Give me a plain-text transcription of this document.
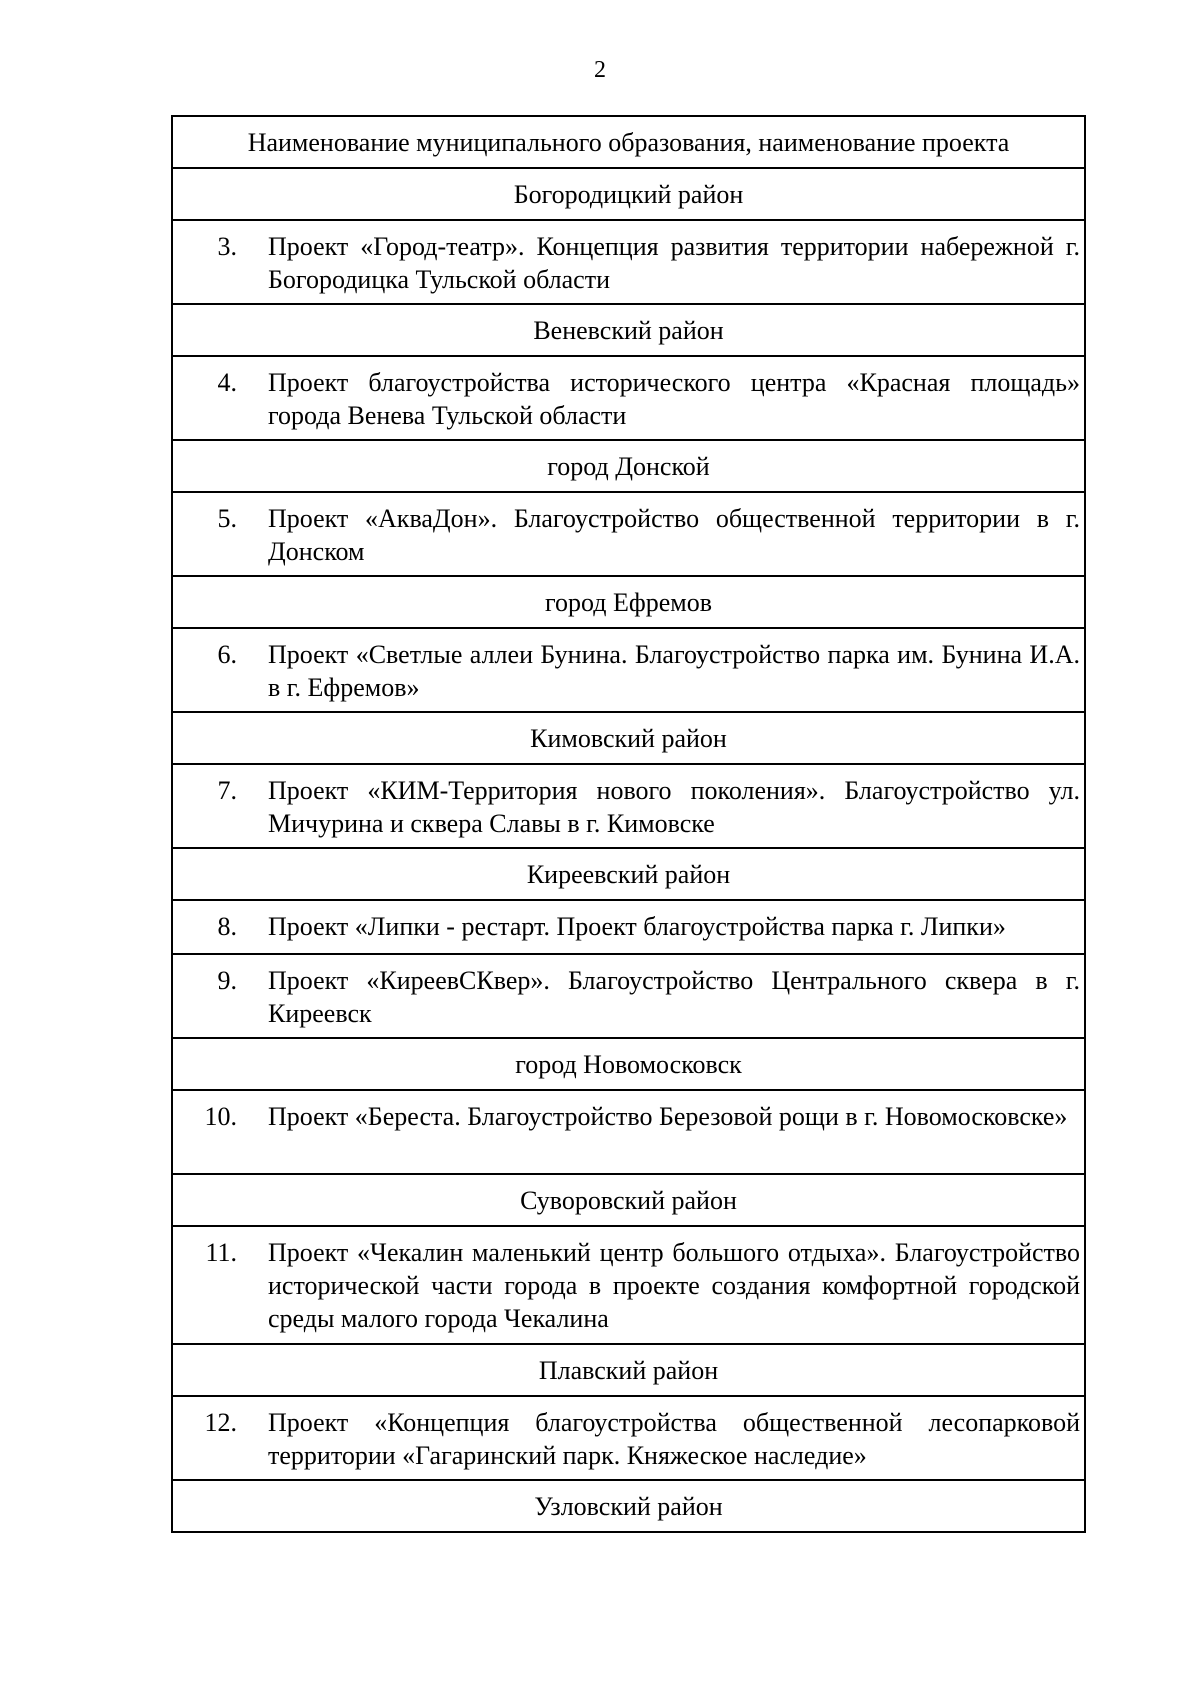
2
Наименование муниципального образования, наименование проекта
Богородицкий район

3. Проект «Город-театр». Концепция развития территории набережной г. Богородицка Тульской области

Веневский район

4. Проект благоустройства исторического центра «Красная площадь» города Венева Тульской области

город Донской

5. Проект «АкваДон». Благоустройство общественной территории в г. Донском

город Ефремов

6. Проект «Светлые аллеи Бунина. Благоустройство парка им. Бунина И.А. в г. Ефремов»

Кимовский район

7. Проект «КИМ-Территория нового поколения». Благоустройство ул. Мичурина и сквера Славы в г. Кимовске

Киреевский район

8. Проект «Липки - рестарт. Проект благоустройства парка г. Липки»

9. Проект «КиреевСКвер». Благоустройство Центрального сквера в г. Киреевск

город Новомосковск

10. Проект «Береста. Благоустройство Березовой рощи в г. Новомосковске»

Суворовский район

11. Проект «Чекалин маленький центр большого отдыха». Благоустройство исторической части города в проекте создания комфортной городской среды малого города Чекалина

Плавский район

12. Проект «Концепция благоустройства общественной лесопарковой территории «Гагаринский парк. Княжеское наследие»

Узловский район
